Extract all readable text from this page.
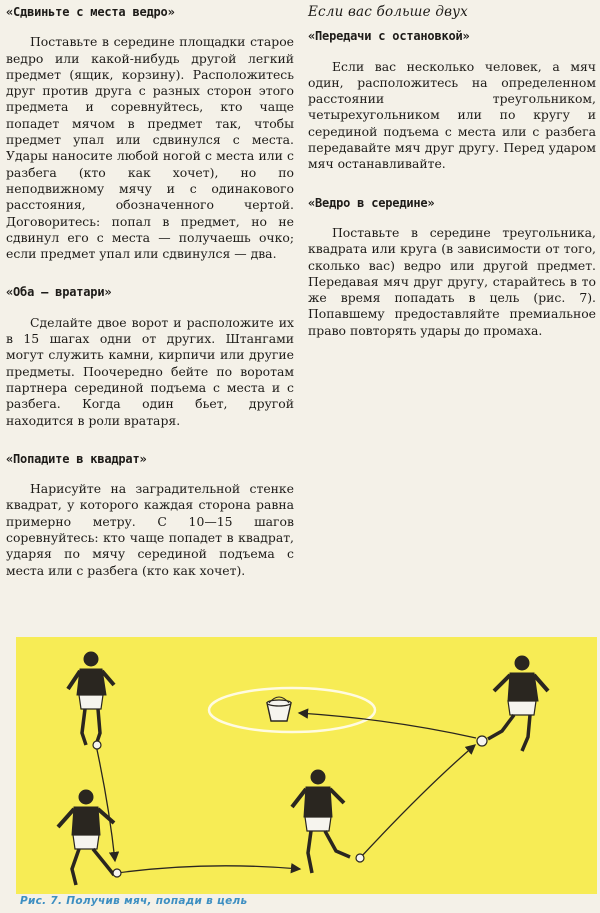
«Сдвиньте с места ведро»

Поставьте в середине площадки старое ведро или какой-нибудь другой легкий предмет (ящик, корзину). Расположитесь друг против друга с разных сторон этого предмета и соревнуйтесь, кто чаще попадет мячом в предмет так, чтобы предмет упал или сдвинулся с места. Удары наносите любой ногой с места или с разбега (кто как хочет), но по неподвижному мячу и с одинакового расстояния, обозначенного чертой. Договоритесь: попал в предмет, но не сдвинул его с места — получаешь очко; если предмет упал или сдвинулся — два.

«Оба — вратари»

Сделайте двое ворот и расположите их в 15 шагах одни от других. Штангами могут служить камни, кирпичи или другие предметы. Поочередно бейте по воротам партнера серединой подъема с места и с разбега. Когда один бьет, другой находится в роли вратаря.

«Попадите в квадрат»

Нарисуйте на заградительной стенке квадрат, у которого каждая сторона равна примерно метру. С 10—15 шагов соревнуйтесь: кто чаще попадет в квадрат, ударяя по мячу серединой подъема с места или с разбега (кто как хочет).

Если вас больше двух

«Передачи с остановкой»

Если вас несколько человек, а мяч один, расположитесь на определенном расстоянии треугольником, четырехугольником или по кругу и серединой подъема с места или с разбега передавайте мяч друг другу. Перед ударом мяч останавливайте.

«Ведро в середине»

Поставьте в середине треугольника, квадрата или круга (в зависимости от того, сколько вас) ведро или другой предмет. Передавая мяч друг другу, старайтесь в то же время попадать в цель (рис. 7). Попавшему предоставляйте премиальное право повторять удары до промаха.

Рис. 7. Получив мяч, попади в цель
